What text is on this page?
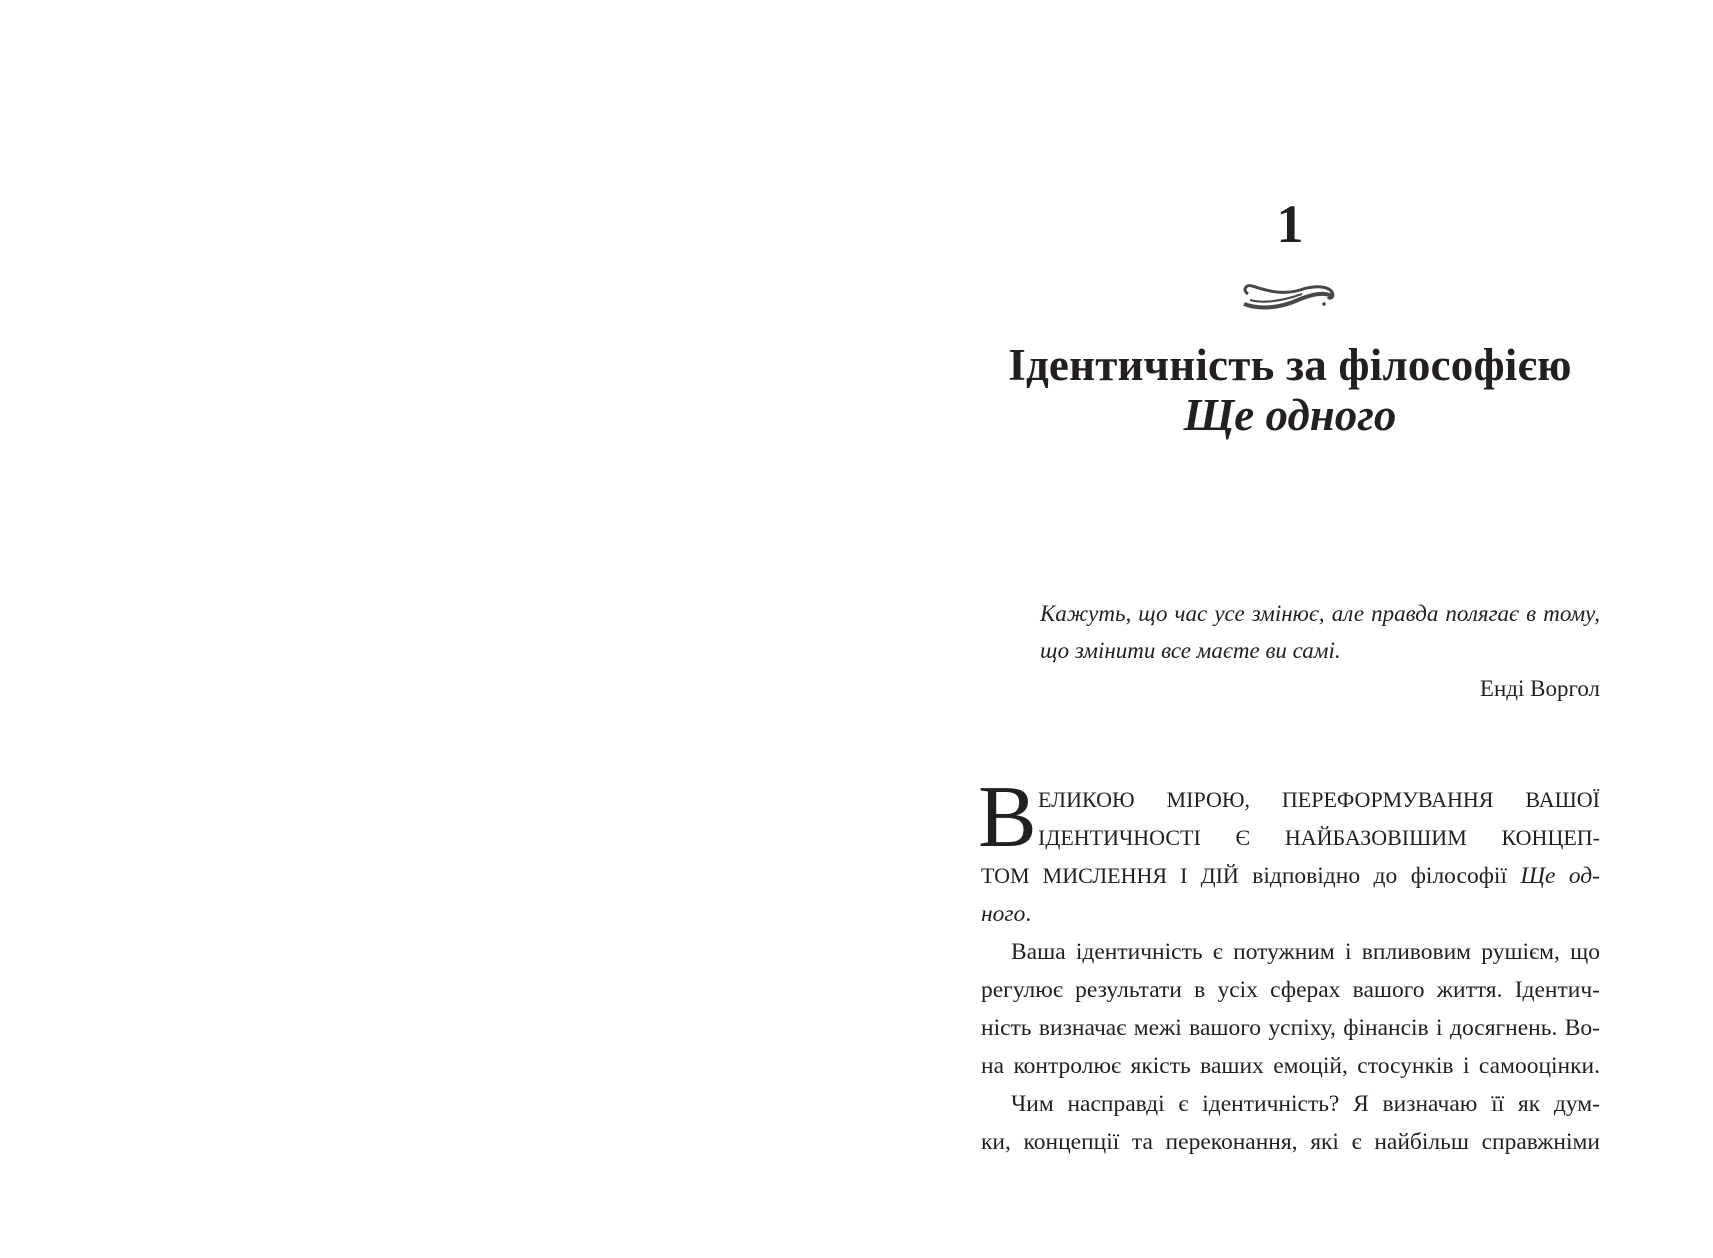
1
Ідентичність за філософією
Ще одного
Кажуть, що час усе змінює, але правда полягає в тому,
що змінити все маєте ви самі.
Енді Воргол
В ЕЛИКОЮ МІРОЮ, ПЕРЕФОРМУВАННЯ ВАШОЇ
ІДЕНТИЧНОСТІ Є НАЙБАЗОВІШИМ КОНЦЕП-
ТОМ МИСЛЕННЯ І ДІЙ відповідно до філософії Ще од-
ного.
Ваша ідентичність є потужним і впливовим рушієм, що
регулює результати в усіх сферах вашого життя. Ідентич-
ність визначає межі вашого успіху, фінансів і досягнень. Во-
на контролює якість ваших емоцій, стосунків і самооцінки.
Чим насправді є ідентичність? Я визначаю її як дум-
ки, концепції та переконання, які є найбільш справжніми
